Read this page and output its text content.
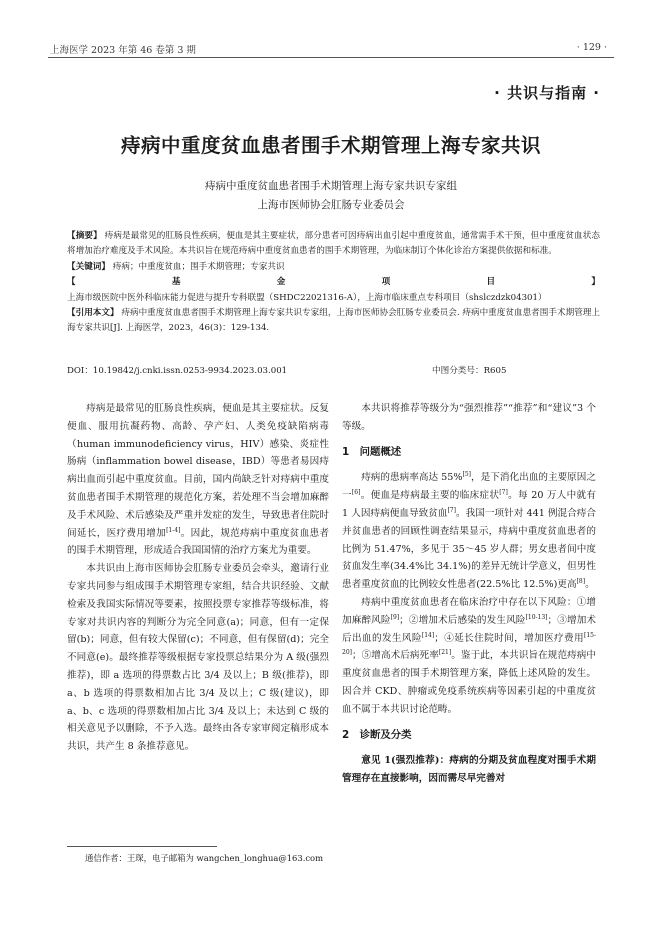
上海医学 2023 年第 46 卷第 3 期	· 129 ·
· 共识与指南 ·
痔病中重度贫血患者围手术期管理上海专家共识
痔病中重度贫血患者围手术期管理上海专家共识专家组
上海市医师协会肛肠专业委员会

【摘要】 痔病是最常见的肛肠良性疾病，便血是其主要症状，部分患者可因痔病出血引起中重度贫血，通常需手术干预，但中重度贫血状态将增加治疗难度及手术风险。本共识旨在规范痔病中重度贫血患者的围手术期管理，为临床制订个体化诊治方案提供依据和标准。

【关键词】 痔病；中重度贫血；围手术期管理；专家共识

【基金项目】 上海市级医院中医外科临床能力促进与提升专科联盟（SHDC22021316-A），上海市临床重点专科项目（shslczdzk04301）

【引用本文】 痔病中重度贫血患者围手术期管理上海专家共识专家组，上海市医师协会肛肠专业委员会. 痔病中重度贫血患者围手术期管理上海专家共识[J]. 上海医学，2023，46(3)：129-134.

DOI：10.19842/j.cnki.issn.0253-9934.2023.03.001	中图分类号：R605

痔病是最常见的肛肠良性疾病，便血是其主要症状。反复便血、服用抗凝药物、高龄、孕产妇、人类免疫缺陷病毒（human immunodeficiency virus，HIV）感染、炎症性肠病（inflammation bowel disease，IBD）等患者易因痔病出血而引起中重度贫血。目前，国内尚缺乏针对痔病中重度贫血患者围手术期管理的规范化方案，若处理不当会增加麻醉及手术风险、术后感染及严重并发症的发生，导致患者住院时间延长，医疗费用增加[1-4]。因此，规范痔病中重度贫血患者的围手术期管理，形成适合我国国情的治疗方案尤为重要。

本共识由上海市医师协会肛肠专业委员会牵头，邀请行业专家共同参与组成围手术期管理专家组，结合共识经验、文献检索及我国实际情况等要素，按照投票专家推荐等级标准，将专家对共识内容的判断分为完全同意(a)；同意，但有一定保留(b)；同意，但有较大保留(c)；不同意，但有保留(d)；完全不同意(e)。最终推荐等级根据专家投票总结果分为 A 级(强烈推荐)，即 a 选项的得票数占比 3/4 及以上；B 级(推荐)，即 a、b 选项的得票数相加占比 3/4 及以上；C 级(建议)，即 a、b、c 选项的得票数相加占比 3/4 及以上；未达到 C 级的相关意见予以删除，不予入选。最终由各专家审阅定稿形成本共识，共产生 8 条推荐意见。

本共识将推荐等级分为“强烈推荐”“推荐”和“建议”3 个等级。

1　问题概述

痔病的患病率高达 55%[5]，是下消化出血的主要原因之一[6]。便血是痔病最主要的临床症状[7]。每 20 万人中就有 1 人因痔病便血导致贫血[7]。我国一项针对 441 例混合痔合并贫血患者的回顾性调查结果显示，痔病中重度贫血患者的比例为 51.47%，多见于 35～45 岁人群；男女患者间中度贫血发生率(34.4%比 34.1%)的差异无统计学意义，但男性患者重度贫血的比例较女性患者(22.5%比 12.5%)更高[8]。

痔病中重度贫血患者在临床治疗中存在以下风险：①增加麻醉风险[9]；②增加术后感染的发生风险[10-13]；③增加术后出血的发生风险[14]；④延长住院时间，增加医疗费用[15-20]；⑤增高术后病死率[21]。鉴于此，本共识旨在规范痔病中重度贫血患者的围手术期管理方案，降低上述风险的发生。因合并 CKD、肿瘤或免疫系统疾病等因素引起的中重度贫血不属于本共识讨论范畴。

2　诊断及分类

意见 1(强烈推荐)：痔病的分期及贫血程度对围手术期管理存在直接影响，因而需尽早完善对

通信作者：王琛，电子邮箱为 wangchen_longhua@163.com
